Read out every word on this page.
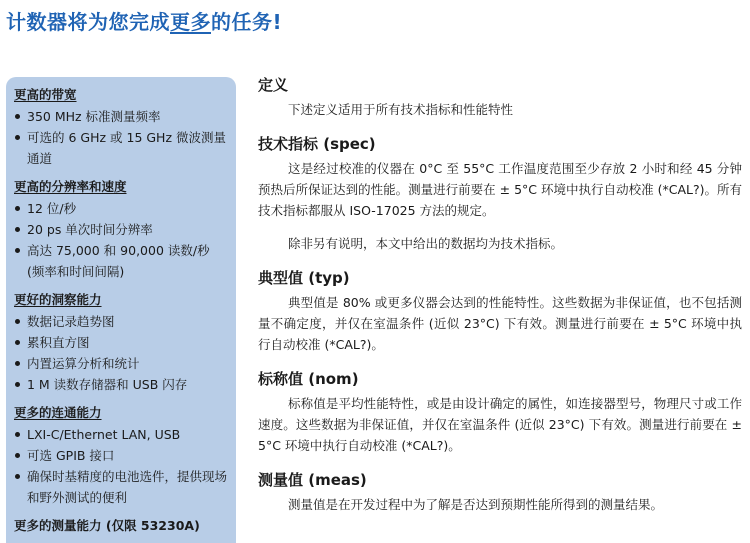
计数器将为您完成更多的任务!
更高的带宽
350 MHz 标准测量频率
可选的 6 GHz 或 15 GHz 微波测量通道
更高的分辨率和速度
12 位/秒
20 ps 单次时间分辨率
高达 75,000 和 90,000 读数/秒 (频率和时间间隔)
更好的洞察能力
数据记录趋势图
累积直方图
内置运算分析和统计
1 M 读数存储器和 USB 闪存
更多的连通能力
LXI-C/Ethernet LAN, USB
可选 GPIB 接口
确保时基精度的电池选件，提供现场和野外测试的便利
更多的测量能力 (仅限 53230A)
定义

下述定义适用于所有技术指标和性能特性

技术指标 (spec)

这是经过校准的仪器在 0°C 至 55°C 工作温度范围至少存放 2 小时和经 45 分钟预热后所保证达到的性能。测量进行前要在 ± 5°C 环境中执行自动校准 (*CAL?)。所有技术指标都服从 ISO-17025 方法的规定。

除非另有说明，本文中给出的数据均为技术指标。

典型值 (typ)

典型值是 80% 或更多仪器会达到的性能特性。这些数据为非保证值，也不包括测量不确定度，并仅在室温条件 (近似 23°C) 下有效。测量进行前要在 ± 5°C 环境中执行自动校准 (*CAL?)。

标称值 (nom)

标称值是平均性能特性，或是由设计确定的属性，如连接器型号，物理尺寸或工作速度。这些数据为非保证值，并仅在室温条件 (近似 23°C) 下有效。测量进行前要在 ± 5°C 环境中执行自动校准 (*CAL?)。

测量值 (meas)

测量值是在开发过程中为了解是否达到预期性能所得到的测量结果。
